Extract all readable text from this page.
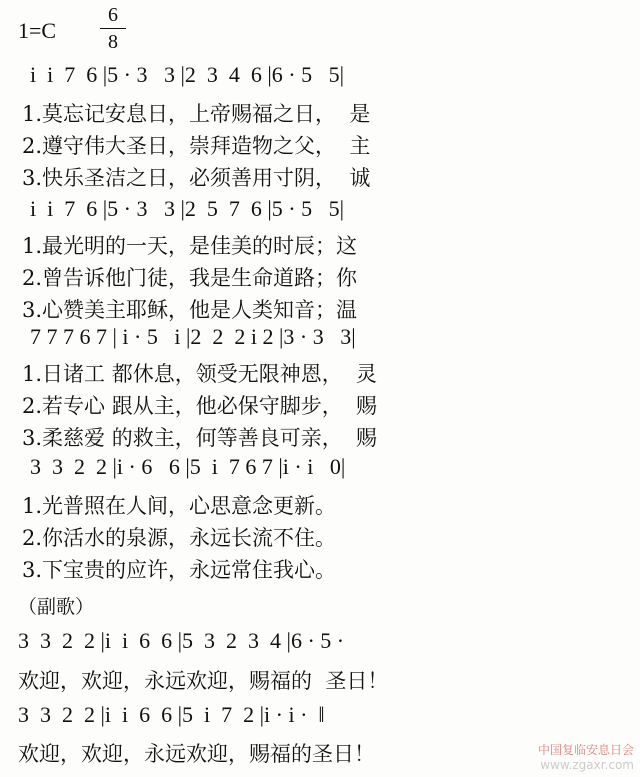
1=C
6
8
i  i  7  6 |5 · 3   3 |2  3  4  6 |6 · 5   5|
1.莫忘记安息日，上帝赐福之日，  是
2.遵守伟大圣日，崇拜造物之父，  主
3.快乐圣洁之日，必须善用寸阴，  诚
i  i  7  6 |5 · 3   3 |2  5  7  6 |5 · 5   5|
1.最光明的一天，是佳美的时辰；这
2.曾告诉他门徒，我是生命道路；你
3.心赞美主耶稣，他是人类知音；温
7 7 7 6 7 | i · 5   i |2  2  2 i 2 |3 · 3   3|
1.日诸工 都休息，领受无限神恩，  灵
2.若专心 跟从主，他必保守脚步，  赐
3.柔慈爱 的救主，何等善良可亲，  赐
3  3  2  2 |i · 6   6 |5  i  7 6 7 |i · i   0|
1.光普照在人间，心思意念更新。
2.你活水的泉源，永远长流不住。
3.下宝贵的应许，永远常住我心。
（副歌）
3  3  2  2 |i  i  6  6 |5  3  2  3  4 |6 · 5 ·
欢迎，欢迎，永远欢迎，赐福的  圣日！
3  3  2  2 |i  i  6  6 |5  i  7  2 |i · i ·  ‖
欢迎，欢迎，永远欢迎，赐福的圣日！	中国复临安息日会
www.zgaxr.com
